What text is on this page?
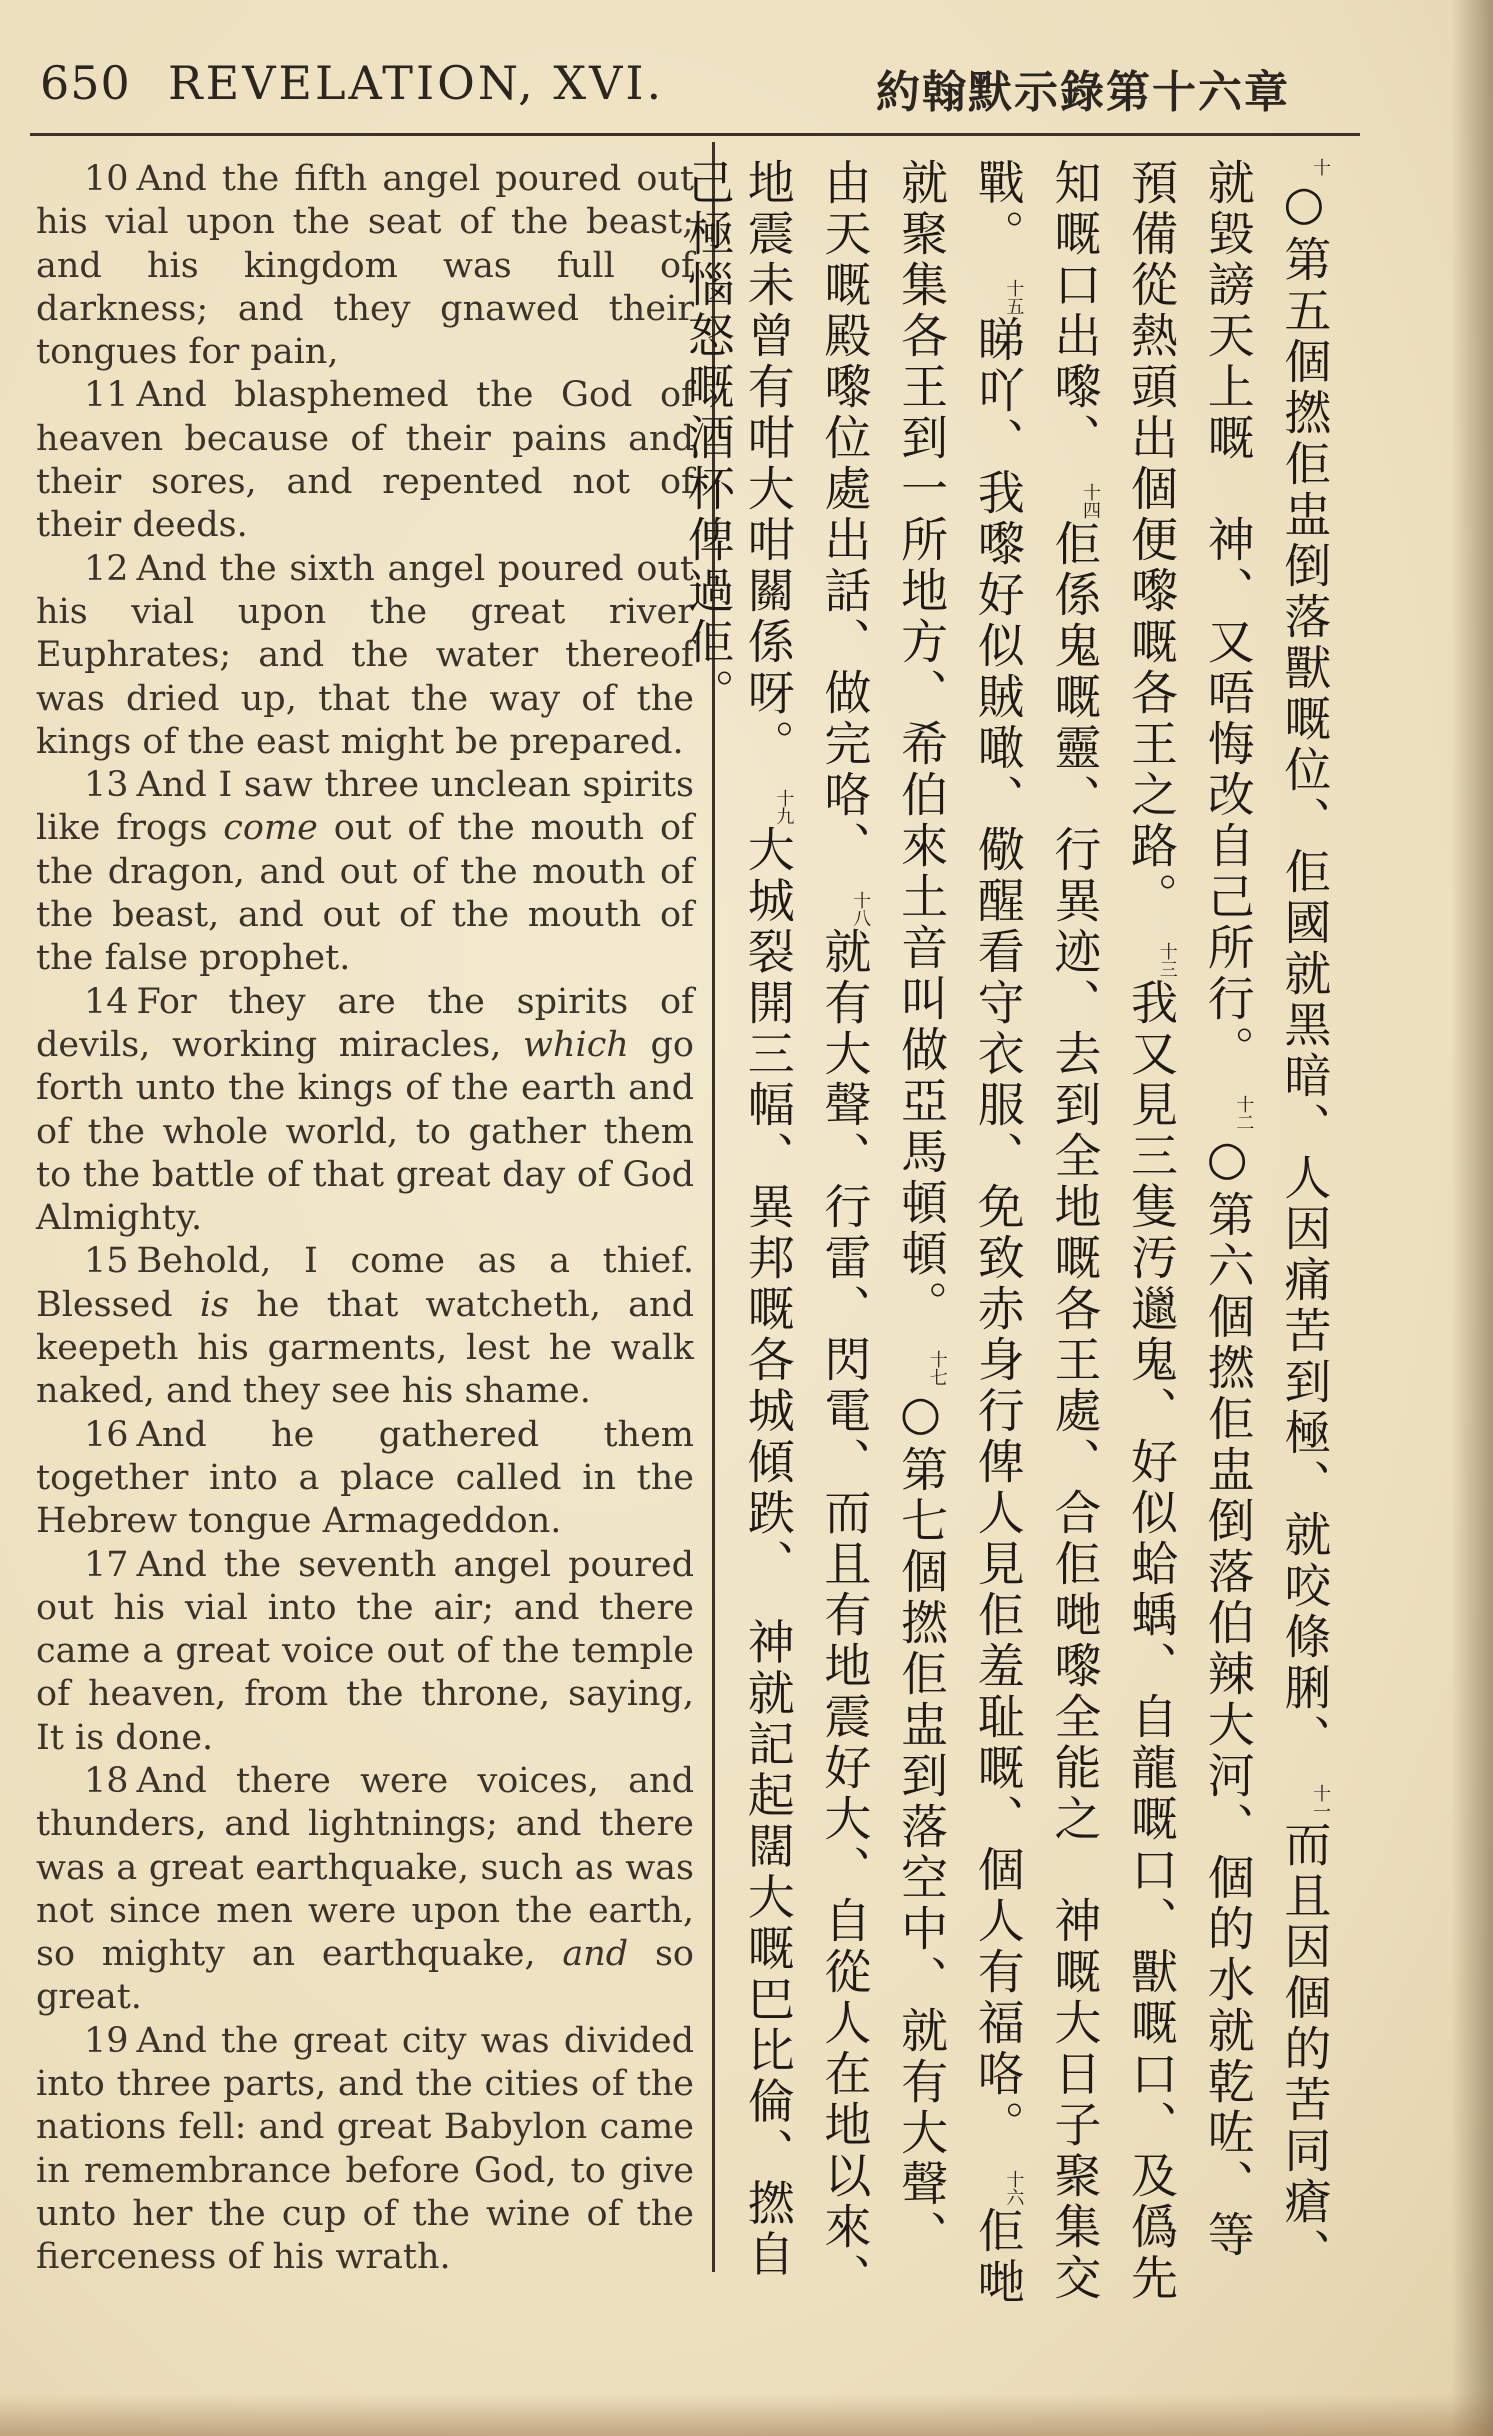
650 REVELATION, XVI.	約翰默示錄第十六章

10 And the fifth angel poured out his vial upon the seat of the beast; and his kingdom was full of darkness; and they gnawed their tongues for pain,

11 And blasphemed the God of heaven because of their pains and their sores, and repented not of their deeds.

12 And the sixth angel poured out his vial upon the great river Euphrates; and the water thereof was dried up, that the way of the kings of the east might be prepared.

13 And I saw three unclean spirits like frogs come out of the mouth of the dragon, and out of the mouth of the beast, and out of the mouth of the false prophet.

14 For they are the spirits of devils, working miracles, which go forth unto the kings of the earth and of the whole world, to gather them to the battle of that great day of God Almighty.

15 Behold, I come as a thief. Blessed is he that watcheth, and keepeth his garments, lest he walk naked, and they see his shame.

16 And he gathered them together into a place called in the Hebrew tongue Armageddon.

17 And the seventh angel poured out his vial into the air; and there came a great voice out of the temple of heaven, from the throne, saying, It is done.

18 And there were voices, and thunders, and lightnings; and there was a great earthquake, such as was not since men were upon the earth, so mighty an earthquake, and so great.

19 And the great city was divided into three parts, and the cities of the nations fell: and great Babylon came in remembrance before God, to give unto her the cup of the wine of the fierceness of his wrath.

$^十$○第五個撚佢盅倒落獸嘅位、佢國就黑暗、人因痛苦到極、就咬條脷、 $^{十一}$而且因個的苦同瘡、就毀謗天上嘅　神、又唔悔改自己所行。 $^{十二}$○第六個撚佢盅倒落伯辣大河、個的水就乾咗、等預備從熱頭出個便嚟嘅各王之路。 $^{十三}$我又見三隻汚邋鬼、好似蛤蝺、自龍嘅口、獸嘅口、及僞先知嘅口出嚟、 $^{十四}$佢係鬼嘅靈、行異迹、去到全地嘅各王處、合佢哋嚟全能之　神嘅大日子聚集交戰。 $^{十五}$睇吖、我嚟好似賊噉、儆醒看守衣服、免致赤身行俾人見佢羞耻嘅、個人有福咯。 $^{十六}$佢哋就聚集各王到一所地方、希伯來土音叫做亞馬頓頓。 $^{十七}$○第七個撚佢盅到落空中、就有大聲、由天嘅殿嚟位處出話、做完咯、 $^{十八}$就有大聲、行雷、閃電、而且有地震好大、自從人在地以來、地震未曾有咁大咁關係呀。 $^{十九}$大城裂開三幅、異邦嘅各城傾跌、　神就記起闊大嘅巴比倫、撚自己極惱怒嘅酒杯俾過佢。
